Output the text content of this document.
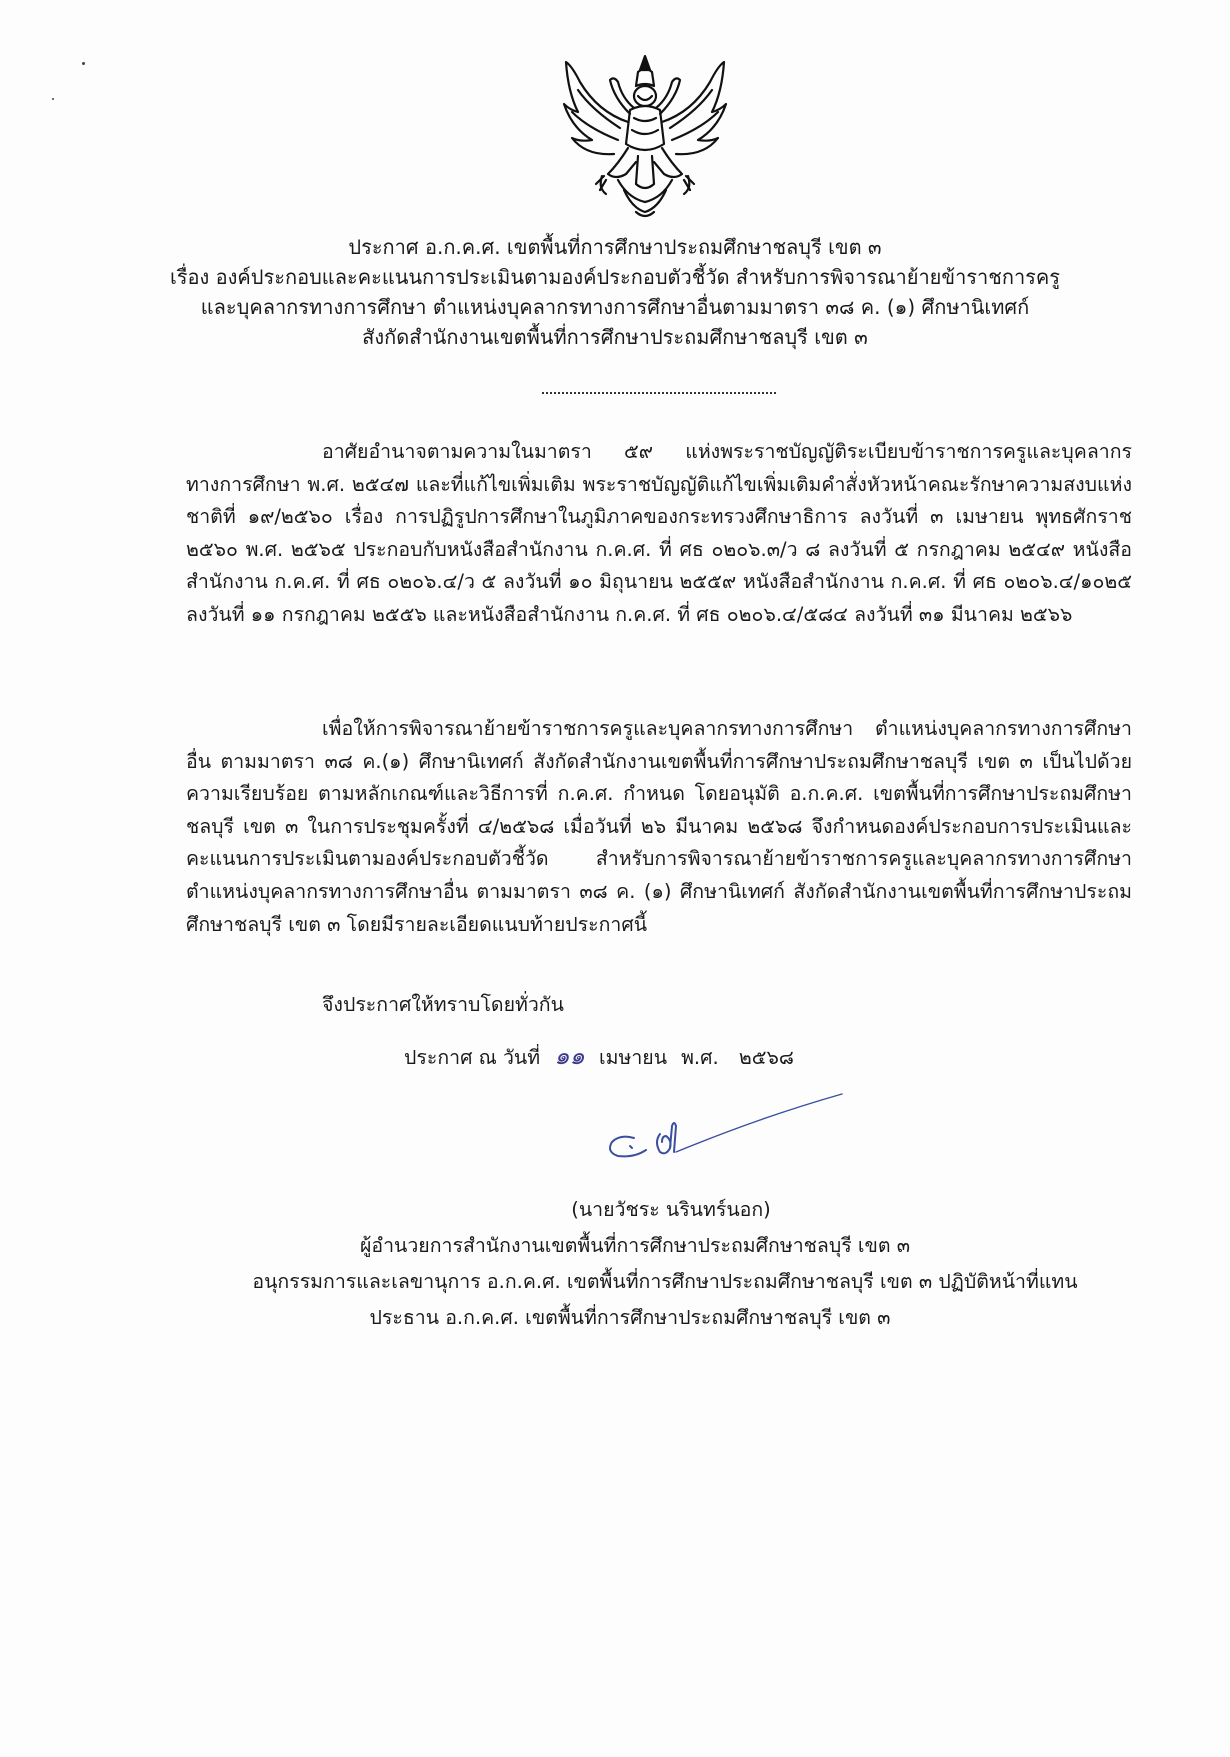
ประกาศ อ.ก.ค.ศ. เขตพื้นที่การศึกษาประถมศึกษาชลบุรี เขต ๓
เรื่อง องค์ประกอบและคะแนนการประเมินตามองค์ประกอบตัวชี้วัด สำหรับการพิจารณาย้ายข้าราชการครู
และบุคลากรทางการศึกษา ตำแหน่งบุคลากรทางการศึกษาอื่นตามมาตรา ๓๘ ค. (๑) ศึกษานิเทศก์
สังกัดสำนักงานเขตพื้นที่การศึกษาประถมศึกษาชลบุรี เขต ๓
อาศัยอำนาจตามความในมาตรา ๕๙ แห่งพระราชบัญญัติระเบียบข้าราชการครูและบุคลากรทางการศึกษา พ.ศ. ๒๕๔๗ และที่แก้ไขเพิ่มเติม พระราชบัญญัติแก้ไขเพิ่มเติมคำสั่งหัวหน้าคณะรักษาความสงบแห่งชาติที่ ๑๙/๒๕๖๐ เรื่อง การปฏิรูปการศึกษาในภูมิภาคของกระทรวงศึกษาธิการ ลงวันที่ ๓ เมษายน พุทธศักราช ๒๕๖๐ พ.ศ. ๒๕๖๕ ประกอบกับหนังสือสำนักงาน ก.ค.ศ. ที่ ศธ ๐๒๐๖.๓/ว ๘ ลงวันที่ ๕ กรกฎาคม ๒๕๔๙ หนังสือสำนักงาน ก.ค.ศ. ที่ ศธ ๐๒๐๖.๔/ว ๕ ลงวันที่ ๑๐ มิถุนายน ๒๕๕๙ หนังสือสำนักงาน ก.ค.ศ. ที่ ศธ ๐๒๐๖.๔/๑๐๒๕ ลงวันที่ ๑๑ กรกฎาคม ๒๕๕๖ และหนังสือสำนักงาน ก.ค.ศ. ที่ ศธ ๐๒๐๖.๔/๕๘๔ ลงวันที่ ๓๑ มีนาคม ๒๕๖๖
เพื่อให้การพิจารณาย้ายข้าราชการครูและบุคลากรทางการศึกษา ตำแหน่งบุคลากรทางการศึกษาอื่น ตามมาตรา ๓๘ ค.(๑) ศึกษานิเทศก์ สังกัดสำนักงานเขตพื้นที่การศึกษาประถมศึกษาชลบุรี เขต ๓ เป็นไปด้วยความเรียบร้อย ตามหลักเกณฑ์และวิธีการที่ ก.ค.ศ. กำหนด โดยอนุมัติ อ.ก.ค.ศ. เขตพื้นที่การศึกษาประถมศึกษาชลบุรี เขต ๓ ในการประชุมครั้งที่ ๔/๒๕๖๘ เมื่อวันที่ ๒๖ มีนาคม ๒๕๖๘ จึงกำหนดองค์ประกอบการประเมินและคะแนนการประเมินตามองค์ประกอบตัวชี้วัด สำหรับการพิจารณาย้ายข้าราชการครูและบุคลากรทางการศึกษา ตำแหน่งบุคลากรทางการศึกษาอื่น ตามมาตรา ๓๘ ค. (๑) ศึกษานิเทศก์ สังกัดสำนักงานเขตพื้นที่การศึกษาประถมศึกษาชลบุรี เขต ๓ โดยมีรายละเอียดแนบท้ายประกาศนี้
จึงประกาศให้ทราบโดยทั่วกัน
ประกาศ ณ วันที่ ๑๑ เมษายน พ.ศ. ๒๕๖๘
(นายวัชระ นรินทร์นอก)
ผู้อำนวยการสำนักงานเขตพื้นที่การศึกษาประถมศึกษาชลบุรี เขต ๓
อนุกรรมการและเลขานุการ อ.ก.ค.ศ. เขตพื้นที่การศึกษาประถมศึกษาชลบุรี เขต ๓ ปฏิบัติหน้าที่แทน
ประธาน อ.ก.ค.ศ. เขตพื้นที่การศึกษาประถมศึกษาชลบุรี เขต ๓
